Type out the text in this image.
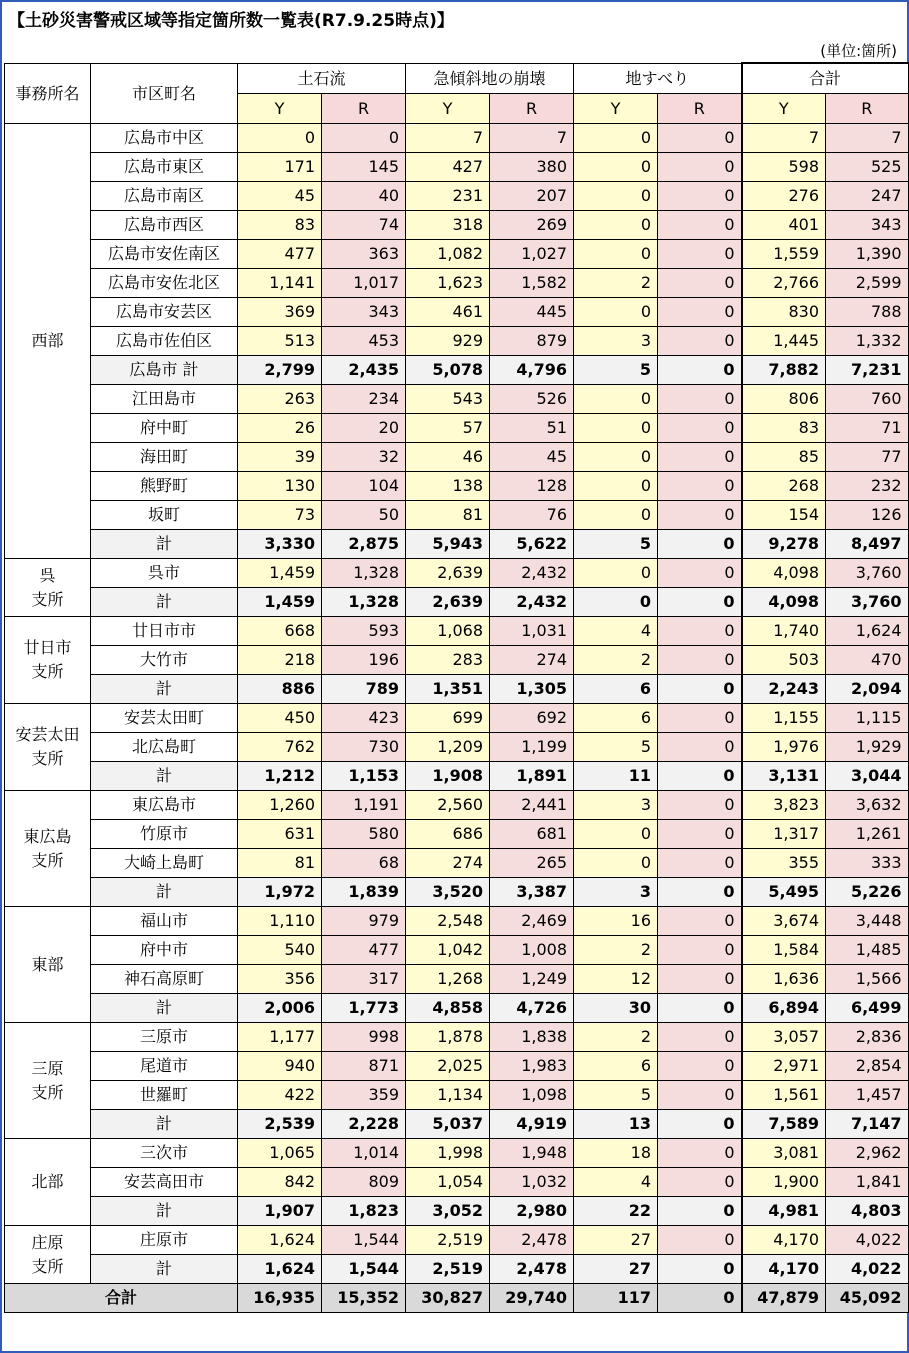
【土砂災害警戒区域等指定箇所数一覧表(R7.9.25時点)】
(単位:箇所)
事務所名	市区町名	土石流		急傾斜地の崩壊		地すべり		合計	
		Y	R	Y	R	Y	R	Y	R
西部	広島市中区	0	0	7	7	0	0	7	7
	広島市東区	171	145	427	380	0	0	598	525
	広島市南区	45	40	231	207	0	0	276	247
	広島市西区	83	74	318	269	0	0	401	343
	広島市安佐南区	477	363	1,082	1,027	0	0	1,559	1,390
	広島市安佐北区	1,141	1,017	1,623	1,582	2	0	2,766	2,599
	広島市安芸区	369	343	461	445	0	0	830	788
	広島市佐伯区	513	453	929	879	3	0	1,445	1,332
	広島市 計	2,799	2,435	5,078	4,796	5	0	7,882	7,231
	江田島市	263	234	543	526	0	0	806	760
	府中町	26	20	57	51	0	0	83	71
	海田町	39	32	46	45	0	0	85	77
	熊野町	130	104	138	128	0	0	268	232
	坂町	73	50	81	76	0	0	154	126
	計	3,330	2,875	5,943	5,622	5	0	9,278	8,497
呉
支所	呉市	1,459	1,328	2,639	2,432	0	0	4,098	3,760
	計	1,459	1,328	2,639	2,432	0	0	4,098	3,760
廿日市
支所	廿日市市	668	593	1,068	1,031	4	0	1,740	1,624
	大竹市	218	196	283	274	2	0	503	470
	計	886	789	1,351	1,305	6	0	2,243	2,094
安芸太田
支所	安芸太田町	450	423	699	692	6	0	1,155	1,115
	北広島町	762	730	1,209	1,199	5	0	1,976	1,929
	計	1,212	1,153	1,908	1,891	11	0	3,131	3,044
東広島
支所	東広島市	1,260	1,191	2,560	2,441	3	0	3,823	3,632
	竹原市	631	580	686	681	0	0	1,317	1,261
	大崎上島町	81	68	274	265	0	0	355	333
	計	1,972	1,839	3,520	3,387	3	0	5,495	5,226
東部	福山市	1,110	979	2,548	2,469	16	0	3,674	3,448
	府中市	540	477	1,042	1,008	2	0	1,584	1,485
	神石高原町	356	317	1,268	1,249	12	0	1,636	1,566
	計	2,006	1,773	4,858	4,726	30	0	6,894	6,499
三原
支所	三原市	1,177	998	1,878	1,838	2	0	3,057	2,836
	尾道市	940	871	2,025	1,983	6	0	2,971	2,854
	世羅町	422	359	1,134	1,098	5	0	1,561	1,457
	計	2,539	2,228	5,037	4,919	13	0	7,589	7,147
北部	三次市	1,065	1,014	1,998	1,948	18	0	3,081	2,962
	安芸高田市	842	809	1,054	1,032	4	0	1,900	1,841
	計	1,907	1,823	3,052	2,980	22	0	4,981	4,803
庄原
支所	庄原市	1,624	1,544	2,519	2,478	27	0	4,170	4,022
	計	1,624	1,544	2,519	2,478	27	0	4,170	4,022
合計		16,935	15,352	30,827	29,740	117	0	47,879	45,092
